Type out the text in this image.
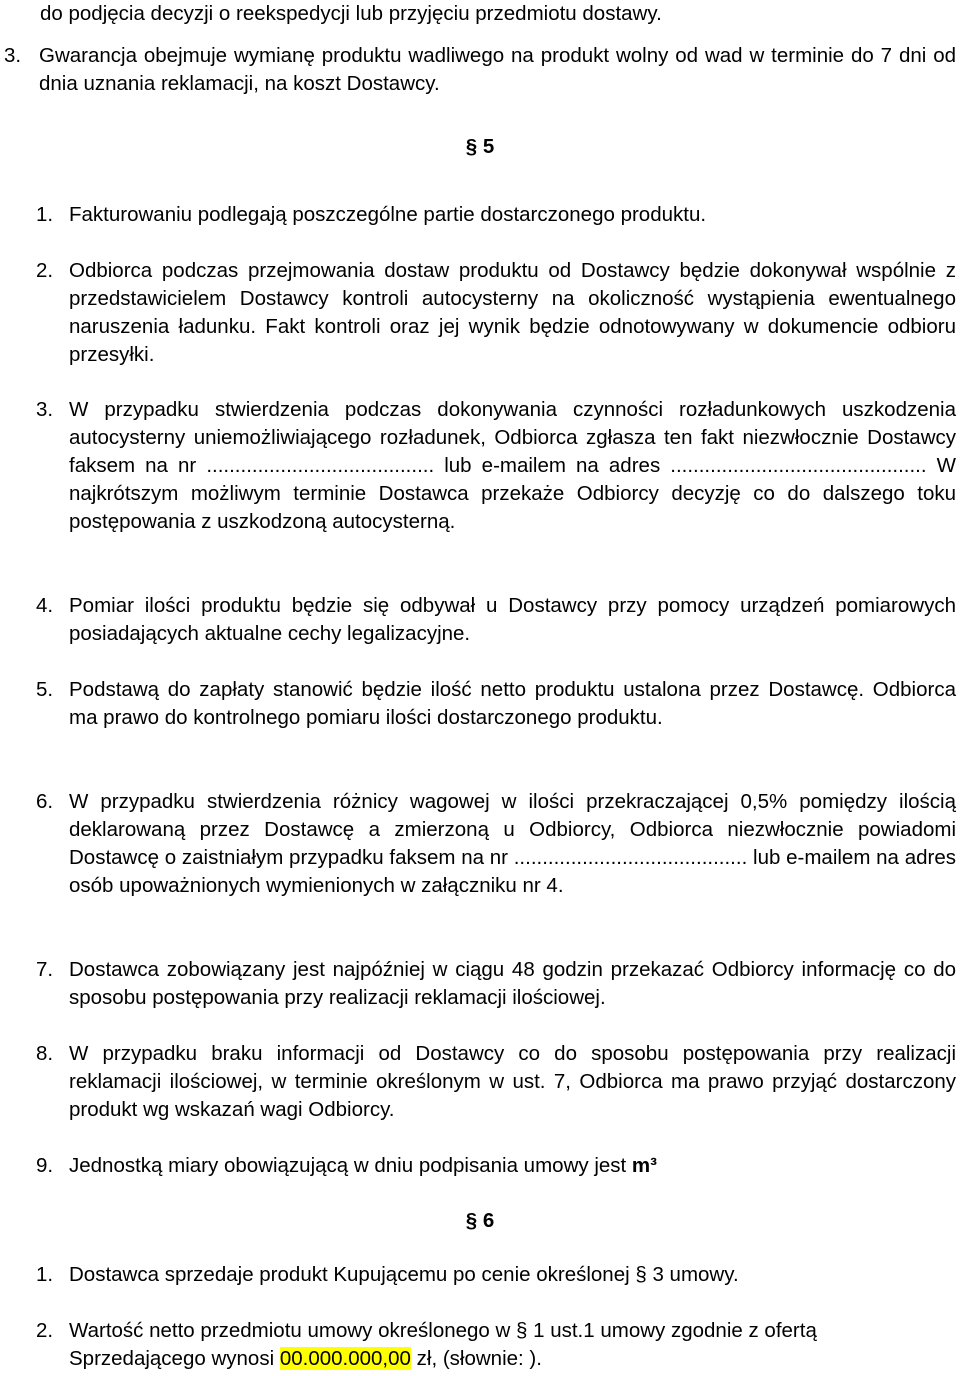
do podjęcia decyzji o reekspedycji lub przyjęciu przedmiotu dostawy.
3. Gwarancja obejmuje wymianę produktu wadliwego na produkt wolny od wad w terminie do 7 dni od dnia uznania reklamacji, na koszt Dostawcy.
§ 5
1. Fakturowaniu podlegają poszczególne partie dostarczonego produktu.
2. Odbiorca podczas przejmowania dostaw produktu od Dostawcy będzie dokonywał wspólnie z przedstawicielem Dostawcy kontroli autocysterny na okoliczność wystąpienia ewentualnego naruszenia ładunku. Fakt kontroli oraz jej wynik będzie odnotowywany w dokumencie odbioru przesyłki.
3. W przypadku stwierdzenia podczas dokonywania czynności rozładunkowych uszkodzenia autocysterny uniemożliwiającego rozładunek, Odbiorca zgłasza ten fakt niezwłocznie Dostawcy faksem na nr ........................................ lub e-mailem na adres ............................................. W najkrótszym możliwym terminie Dostawca przekaże Odbiorcy decyzję co do dalszego toku postępowania z uszkodzoną autocysterną.
4. Pomiar ilości produktu będzie się odbywał u Dostawcy przy pomocy urządzeń pomiarowych posiadających aktualne cechy legalizacyjne.
5. Podstawą do zapłaty stanowić będzie ilość netto produktu ustalona przez Dostawcę. Odbiorca ma prawo do kontrolnego pomiaru ilości dostarczonego produktu.
6. W przypadku stwierdzenia różnicy wagowej w ilości przekraczającej 0,5% pomiędzy ilością deklarowaną przez Dostawcę a zmierzoną u Odbiorcy, Odbiorca niezwłocznie powiadomi Dostawcę o zaistniałym przypadku faksem na nr ......................................... lub e-mailem na adres osób upoważnionych wymienionych w załączniku nr 4.
7. Dostawca zobowiązany jest najpóźniej w ciągu 48 godzin przekazać Odbiorcy informację co do sposobu postępowania przy realizacji reklamacji ilościowej.
8. W przypadku braku informacji od Dostawcy co do sposobu postępowania przy realizacji reklamacji ilościowej, w terminie określonym w ust. 7, Odbiorca ma prawo przyjąć dostarczony produkt wg wskazań wagi Odbiorcy.
9. Jednostką miary obowiązującą w dniu podpisania umowy jest m³
§ 6
1. Dostawca sprzedaje produkt Kupującemu po cenie określonej § 3 umowy.
2. Wartość netto przedmiotu umowy określonego w § 1 ust.1 umowy zgodnie z ofertą Sprzedającego wynosi 00.000.000,00 zł, (słownie: ).
